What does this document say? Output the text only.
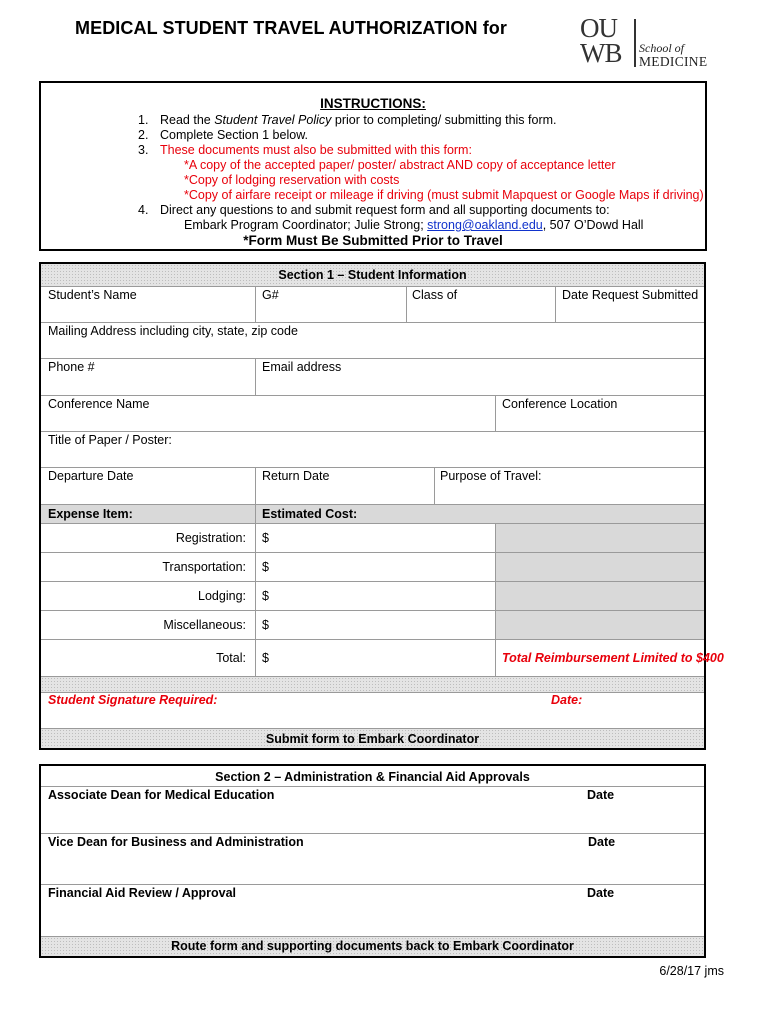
MEDICAL STUDENT TRAVEL AUTHORIZATION for	OU
WB School of
MEDICINE
INSTRUCTIONS:
1. Read the Student Travel Policy prior to completing/ submitting this form.
2. Complete Section 1 below.
3. These documents must also be submitted with this form:
*A copy of the accepted paper/ poster/ abstract AND copy of acceptance letter
*Copy of lodging reservation with costs
*Copy of airfare receipt or mileage if driving (must submit Mapquest or Google Maps if driving)
4. Direct any questions to and submit request form and all supporting documents to:
Embark Program Coordinator; Julie Strong; strong@oakland.edu, 507 O’Dowd Hall
*Form Must Be Submitted Prior to Travel
Section 1 – Student Information
Student’s Name	G#	Class of	Date Request Submitted
Mailing Address including city, state, zip code
Phone #	Email address
Conference Name	Conference Location
Title of Paper / Poster:
Departure Date	Return Date	Purpose of Travel:
Expense Item:	Estimated Cost:
Registration: $
Transportation: $
Lodging: $
Miscellaneous: $
Total: $	Total Reimbursement Limited to $400
Student Signature Required:	Date:
Submit form to Embark Coordinator
Section 2 – Administration & Financial Aid Approvals
Associate Dean for Medical Education	Date
Vice Dean for Business and Administration	Date
Financial Aid Review / Approval	Date
Route form and supporting documents back to Embark Coordinator
6/28/17 jms
